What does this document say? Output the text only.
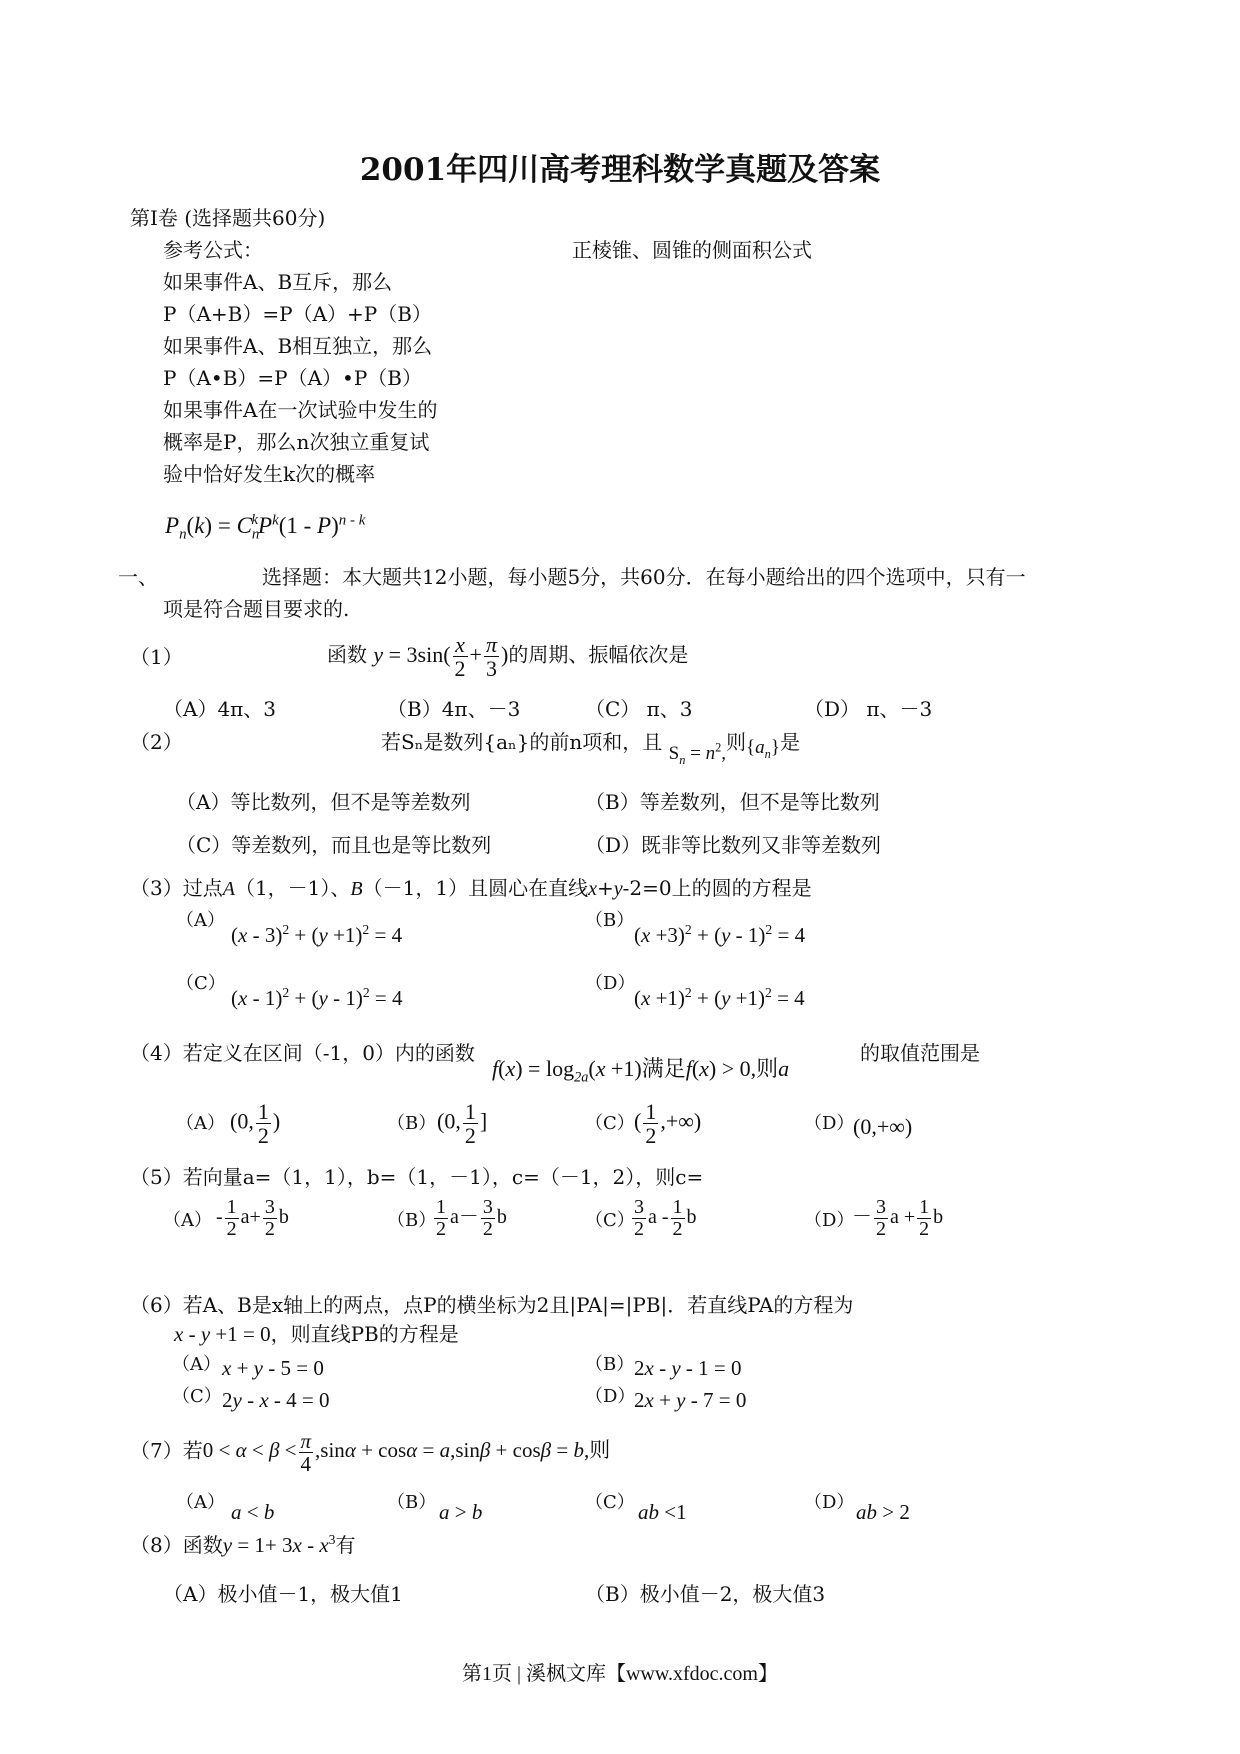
2001年四川高考理科数学真题及答案
第Ⅰ卷 (选择题共60分)
参考公式：	正棱锥、圆锥的侧面积公式
如果事件A、B互斥，那么
P（A+B）=P（A）+P（B）
如果事件A、B相互独立，那么
P（A•B）=P（A）•P（B）
如果事件A在一次试验中发生的
概率是P，那么n次独立重复试
验中恰好发生k次的概率
$P_n(k) = C_n^kP^k(1 - P)^{n - k}$
一、	选择题：本大题共12小题，每小题5分，共60分．在每小题给出的四个选项中，只有一
项是符合题目要求的.
（1）	函数 $y = 3\sin( \frac{x}{2} + \frac{\pi}{3}$ )的周期、振幅依次是
（A）4π、3	（B）4π、－3	（C） π、3	（D） π、－3
（2）	若Sₙ是数列{aₙ}的前n项和，且 $S_n = n^2$,则$\{a_n\}$是
（A）等比数列，但不是等差数列	（B）等差数列，但不是等比数列
（C）等差数列，而且也是等比数列	（D）既非等比数列又非等差数列
（3）过点A（1，－1）、B（－1，1）且圆心在直线x+y-2=0上的圆的方程是
（A）
$(x - 3)^2 + (y +1)^2 = 4$
（B）
$(x +3)^2 + (y - 1)^2 = 4$
（C）
(x - 1)$^2$ + (y - 1)$^2$ = 4
（D）
$(x +1)^2 + (y +1)^2 = 4$
（4）若定义在区间（-1，0）内的函数
$f(x) = \log_{2a}(x +1)$满足f(x) > 0,则a
的取值范围是
（A） (0, $\frac{1}{2}$ )	（B） (0, $\frac{1}{2}$ ]	（C） ( $\frac{1}{2}$ ,+∞)	（D）
(0,+∞)
（5）若向量a=（1，1），b=（1，－1），c=（－1，2），则c=
$(A) - \frac{1}{2} a+ \frac{3}{2}$ b	（B）
$\frac{1}{2} a- \frac{3}{2}$ b	（C）
$\frac{3}{2}$ a - $\frac{1}{2}$ b	（D）
－ $\frac{3}{2}$ $a + \frac{1}{2}$ b
（6）若A、B是x轴上的两点，点P的横坐标为2且|PA|=|PB|．若直线PA的方程为
x - y +1 = 0，则直线PB的方程是
（A） x + y - 5 = 0	（B） 2x - y - 1 = 0
（C） 2y - x - 4 = 0	（D）
2x + y - 7 = 0
（7）若$0 < \alpha < \beta < \frac{\pi}{4} ,\sin\alpha + \cos\alpha = a,\sin\beta + \cos\beta = b$,则
（A） a < b	（B） a > b	（C） ab <1	（D） ab > 2
（8）函数$y = 1+ 3x - x^3$有
（A）极小值－1，极大值1	（B）极小值－2，极大值3
第1页 | 溪枫文库【www.xfdoc.com】
